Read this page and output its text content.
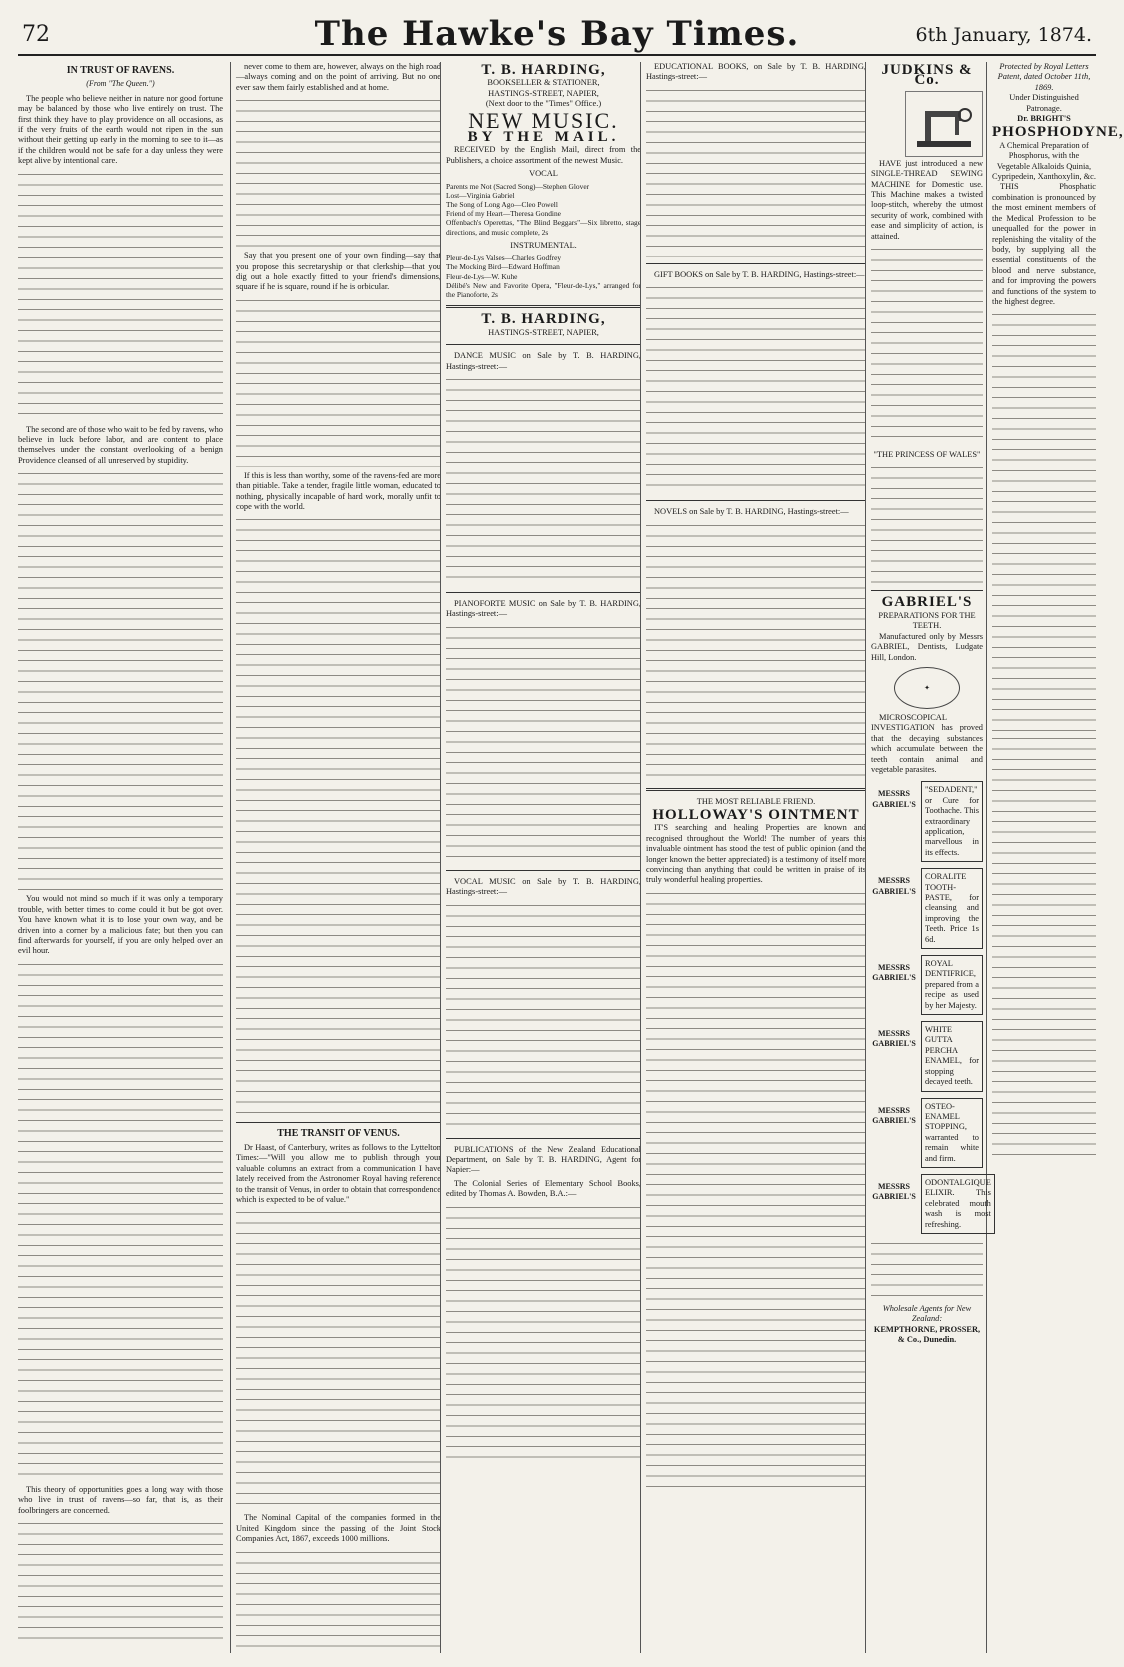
72	The Hawke's Bay Times.	6th January, 1874.
IN TRUST OF RAVENS.
(From "The Queen.")

The people who believe neither in nature nor good fortune may be balanced by those who live entirely on trust. The first think they have to play providence on all occasions, as if the very fruits of the earth would not ripen in the sun without their getting up early in the morning to see to it—as if the children would not be safe for a day unless they were kept alive by intentional care.

The second are of those who wait to be fed by ravens, who believe in luck before labor, and are content to place themselves under the constant overlooking of a benign Providence cleansed of all unreserved by stupidity.

You would not mind so much if it was only a temporary trouble, with better times to come could it but be got over. You have known what it is to lose your own way, and be driven into a corner by a malicious fate; but then you can find afterwards for yourself, if you are only helped over an evil hour.

This theory of opportunities goes a long way with those who live in trust of ravens—so far, that is, as their foolbringers are concerned.

never come to them are, however, always on the high road—always coming and on the point of arriving. But no one ever saw them fairly established and at home.

Say that you present one of your own finding—say that you propose this secretaryship or that clerkship—that you dig out a hole exactly fitted to your friend's dimensions, square if he is square, round if he is orbicular.

If this is less than worthy, some of the ravens-fed are more than pitiable. Take a tender, fragile little woman, educated to nothing, physically incapable of hard work, morally unfit to cope with the world.

THE TRANSIT OF VENUS.

Dr Haast, of Canterbury, writes as follows to the Lyttelton Times:—"Will you allow me to publish through your valuable columns an extract from a communication I have lately received from the Astronomer Royal having reference to the transit of Venus, in order to obtain that correspondence which is expected to be of value."

The Nominal Capital of the companies formed in the United Kingdom since the passing of the Joint Stock Companies Act, 1867, exceeds 1000 millions.

T. B. HARDING,
BOOKSELLER & STATIONER,
HASTINGS-STREET, NAPIER,
(Next door to the "Times" Office.)
NEW MUSIC.
BY THE MAIL.

RECEIVED by the English Mail, direct from the Publishers, a choice assortment of the newest Music.

VOCAL
Parents me Not (Sacred Song)—Stephen Glover
Lost—Virginia Gabriel
The Song of Long Ago—Cleo Powell
Friend of my Heart—Theresa Gondine
Offenbach's Operettas, "The Blind Beggars"—Six libretto, stage directions, and music complete, 2s
INSTRUMENTAL.
Pleur-de-Lys Valses—Charles Godfrey
The Mocking Bird—Edward Hoffman
Fleur-de-Lys—W. Kuhe
Délibé's New and Favorite Opera, "Fleur-de-Lys," arranged for the Pianoforte, 2s
T. B. HARDING,
HASTINGS-STREET, NAPIER,

DANCE MUSIC on Sale by T. B. HARDING, Hastings-street:—

PIANOFORTE MUSIC on Sale by T. B. HARDING, Hastings-street:—

VOCAL MUSIC on Sale by T. B. HARDING, Hastings-street:—

PUBLICATIONS of the New Zealand Educational Department, on Sale by T. B. HARDING, Agent for Napier:—

The Colonial Series of Elementary School Books, edited by Thomas A. Bowden, B.A.:—

EDUCATIONAL BOOKS, on Sale by T. B. HARDING, Hastings-street:—

GIFT BOOKS on Sale by T. B. HARDING, Hastings-street:—

NOVELS on Sale by T. B. HARDING, Hastings-street:—

THE MOST RELIABLE FRIEND.
HOLLOWAY'S OINTMENT

IT'S searching and healing Properties are known and recognised throughout the World! The number of years this invaluable ointment has stood the test of public opinion (and the longer known the better appreciated) is a testimony of itself more convincing than anything that could be written in praise of its truly wonderful healing properties.

JUDKINS & Co.

HAVE just introduced a new SINGLE-THREAD SEWING MACHINE for Domestic use. This Machine makes a twisted loop-stitch, whereby the utmost security of work, combined with ease and simplicity of action, is attained.

"THE PRINCESS OF WALES"
GABRIEL'S
PREPARATIONS FOR THE TEETH.

Manufactured only by Messrs GABRIEL, Dentists, Ludgate Hill, London.

✦

MICROSCOPICAL INVESTIGATION has proved that the decaying substances which accumulate between the teeth contain animal and vegetable parasites.

MESSRS GABRIEL'S
"SEDADENT," or Cure for Toothache. This extraordinary application, marvellous in its effects.
MESSRS GABRIEL'S
CORALITE TOOTH-PASTE, for cleansing and improving the Teeth. Price 1s 6d.
MESSRS GABRIEL'S
ROYAL DENTIFRICE, prepared from a recipe as used by her Majesty.
MESSRS GABRIEL'S
WHITE GUTTA PERCHA ENAMEL, for stopping decayed teeth.
MESSRS GABRIEL'S
OSTEO-ENAMEL STOPPING, warranted to remain white and firm.
MESSRS GABRIEL'S
ODONTALGIQUE ELIXIR. This celebrated mouth wash is most refreshing.
Wholesale Agents for New Zealand:
KEMPTHORNE, PROSSER, & Co., Dunedin.
Protected by Royal Letters Patent, dated October 11th, 1869.
Under Distinguished Patronage.
Dr. BRIGHT'S
PHOSPHODYNE,
A Chemical Preparation of Phosphorus, with the Vegetable Alkaloids Quinia, Cypripedein, Xanthoxylin, &c.

THIS Phosphatic combination is pronounced by the most eminent members of the Medical Profession to be unequalled for the power in replenishing the vitality of the body, by supplying all the essential constituents of the blood and nerve substance, and for improving the powers and functions of the system to the highest degree.
